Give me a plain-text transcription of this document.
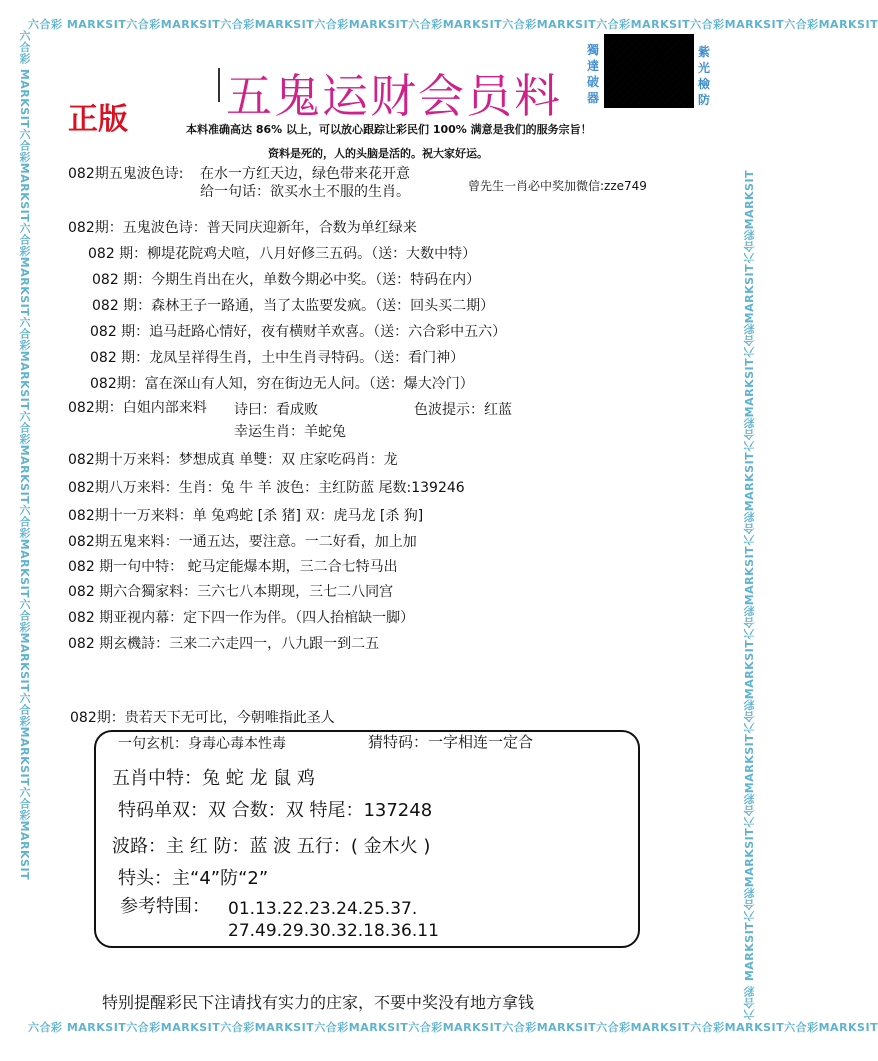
六合彩 MARKSIT六合彩MARKSIT六合彩MARKSIT六合彩MARKSIT六合彩MARKSIT六合彩MARKSIT六合彩MARKSIT六合彩MARKSIT六合彩MARKSIT
六合彩 MARKSIT六合彩MARKSIT六合彩MARKSIT六合彩MARKSIT六合彩MARKSIT六合彩MARKSIT六合彩MARKSIT六合彩MARKSIT六合彩MARKSIT
六合彩 MARKSIT六合彩MARKSIT六合彩MARKSIT六合彩MARKSIT六合彩MARKSIT六合彩MARKSIT六合彩MARKSIT六合彩MARKSIT六合彩MARKSIT	六合彩 MARKSIT六合彩MARKSIT六合彩MARKSIT六合彩MARKSIT六合彩MARKSIT六合彩MARKSIT六合彩MARKSIT六合彩MARKSIT六合彩MARKSIT
五鬼运财会员料
正版
獨 達 破 器
紫 光 檢 防
本料准确高达 86% 以上，可以放心跟踪让彩民们 100% 满意是我们的服务宗旨！
资料是死的，人的头脑是活的。祝大家好运。
082期五鬼波色诗: 在水一方红天边，绿色带来花开意
给一句话：欲买水土不服的生肖。	曾先生一肖必中奖加微信:zze749
082期：五鬼波色诗：普天同庆迎新年，合数为单红绿来
082 期：柳堤花院鸡犬喧，八月好修三五码。（送：大数中特）
082 期：今期生肖出在火，单数今期必中奖。（送：特码在内）
082 期：森林王子一路通，当了太监要发疯。（送：回头买二期）
082 期：追马赶路心情好，夜有横财羊欢喜。（送：六合彩中五六）
082 期：龙凤呈祥得生肖，土中生肖寻特码。（送：看门神）
082期：富在深山有人知，穷在街边无人问。（送：爆大冷门）
082期：白姐内部来料 诗曰：看成败	色波提示：红蓝
幸运生肖：羊蛇兔
082期十万来料：梦想成真 单雙：双 庄家吃码肖：龙
082期八万来料：生肖：兔 牛 羊 波色：主红防蓝 尾数:139246
082期十一万来料：单 兔鸡蛇 [杀 猪] 双：虎马龙 [杀 狗]
082期五鬼来料：一通五达，要注意。一二好看，加上加
082 期一句中特： 蛇马定能爆本期，三二合七特马出
082 期六合獨家料：三六七八本期现，三七二八同宫
082 期亚视内幕：定下四一作为伴。（四人抬棺缺一脚）
082 期玄機詩：三来二六走四一，八九跟一到二五
082期：贵若天下无可比，今朝唯指此圣人
一句玄机：身毒心毒本性毒	猜特码：一字相连一定合
五肖中特：兔 蛇 龙 鼠 鸡
特码单双：双 合数：双 特尾：137248
波路：主 红 防：蓝 波 五行：( 金木火 )
特头：主“4”防“2”
参考特围： 01.13.22.23.24.25.37.
27.49.29.30.32.18.36.11
特别提醒彩民下注请找有实力的庄家，不要中奖没有地方拿钱
